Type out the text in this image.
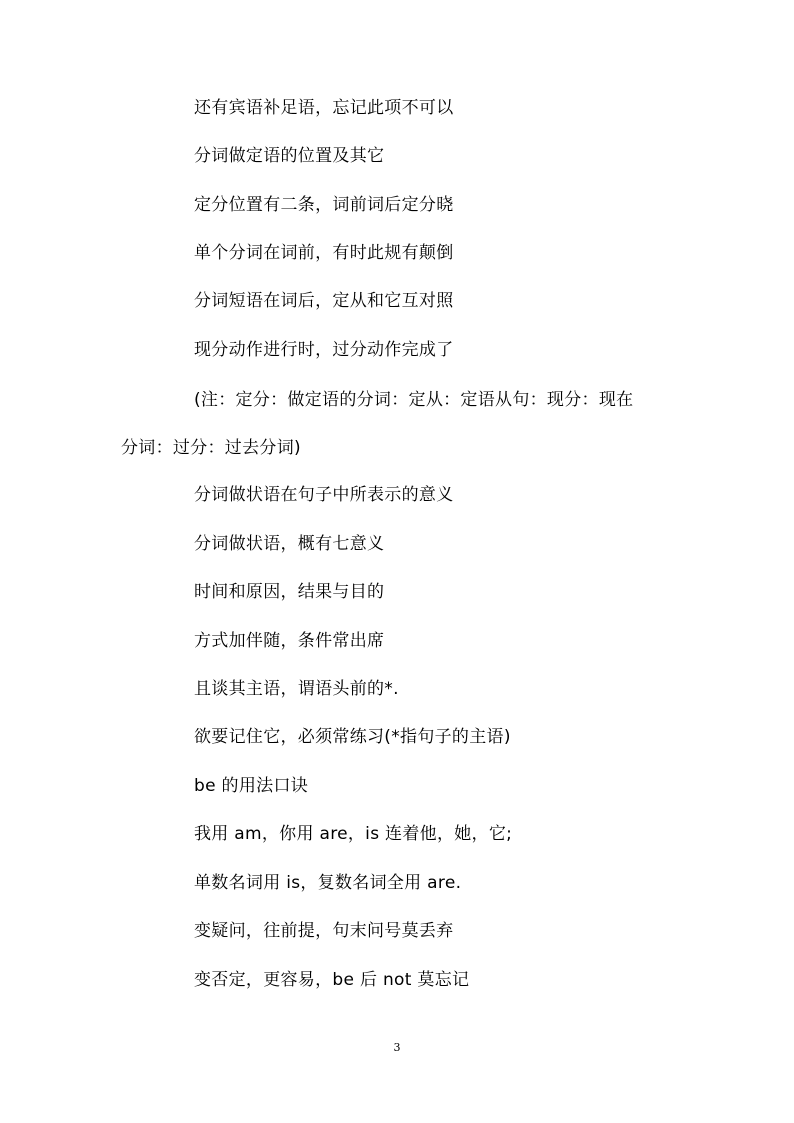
还有宾语补足语，忘记此项不可以
分词做定语的位置及其它
定分位置有二条，词前词后定分晓
单个分词在词前，有时此规有颠倒
分词短语在词后，定从和它互对照
现分动作进行时，过分动作完成了
(注：定分：做定语的分词：定从：定语从句：现分：现在
分词：过分：过去分词)
分词做状语在句子中所表示的意义
分词做状语，概有七意义
时间和原因，结果与目的
方式加伴随，条件常出席
且谈其主语，谓语头前的*.
欲要记住它，必须常练习(*指句子的主语)
be 的用法口诀
我用 am，你用 are，is 连着他，她，它;
单数名词用 is，复数名词全用 are.
变疑问，往前提，句末问号莫丢弃
变否定，更容易，be 后 not 莫忘记
3
